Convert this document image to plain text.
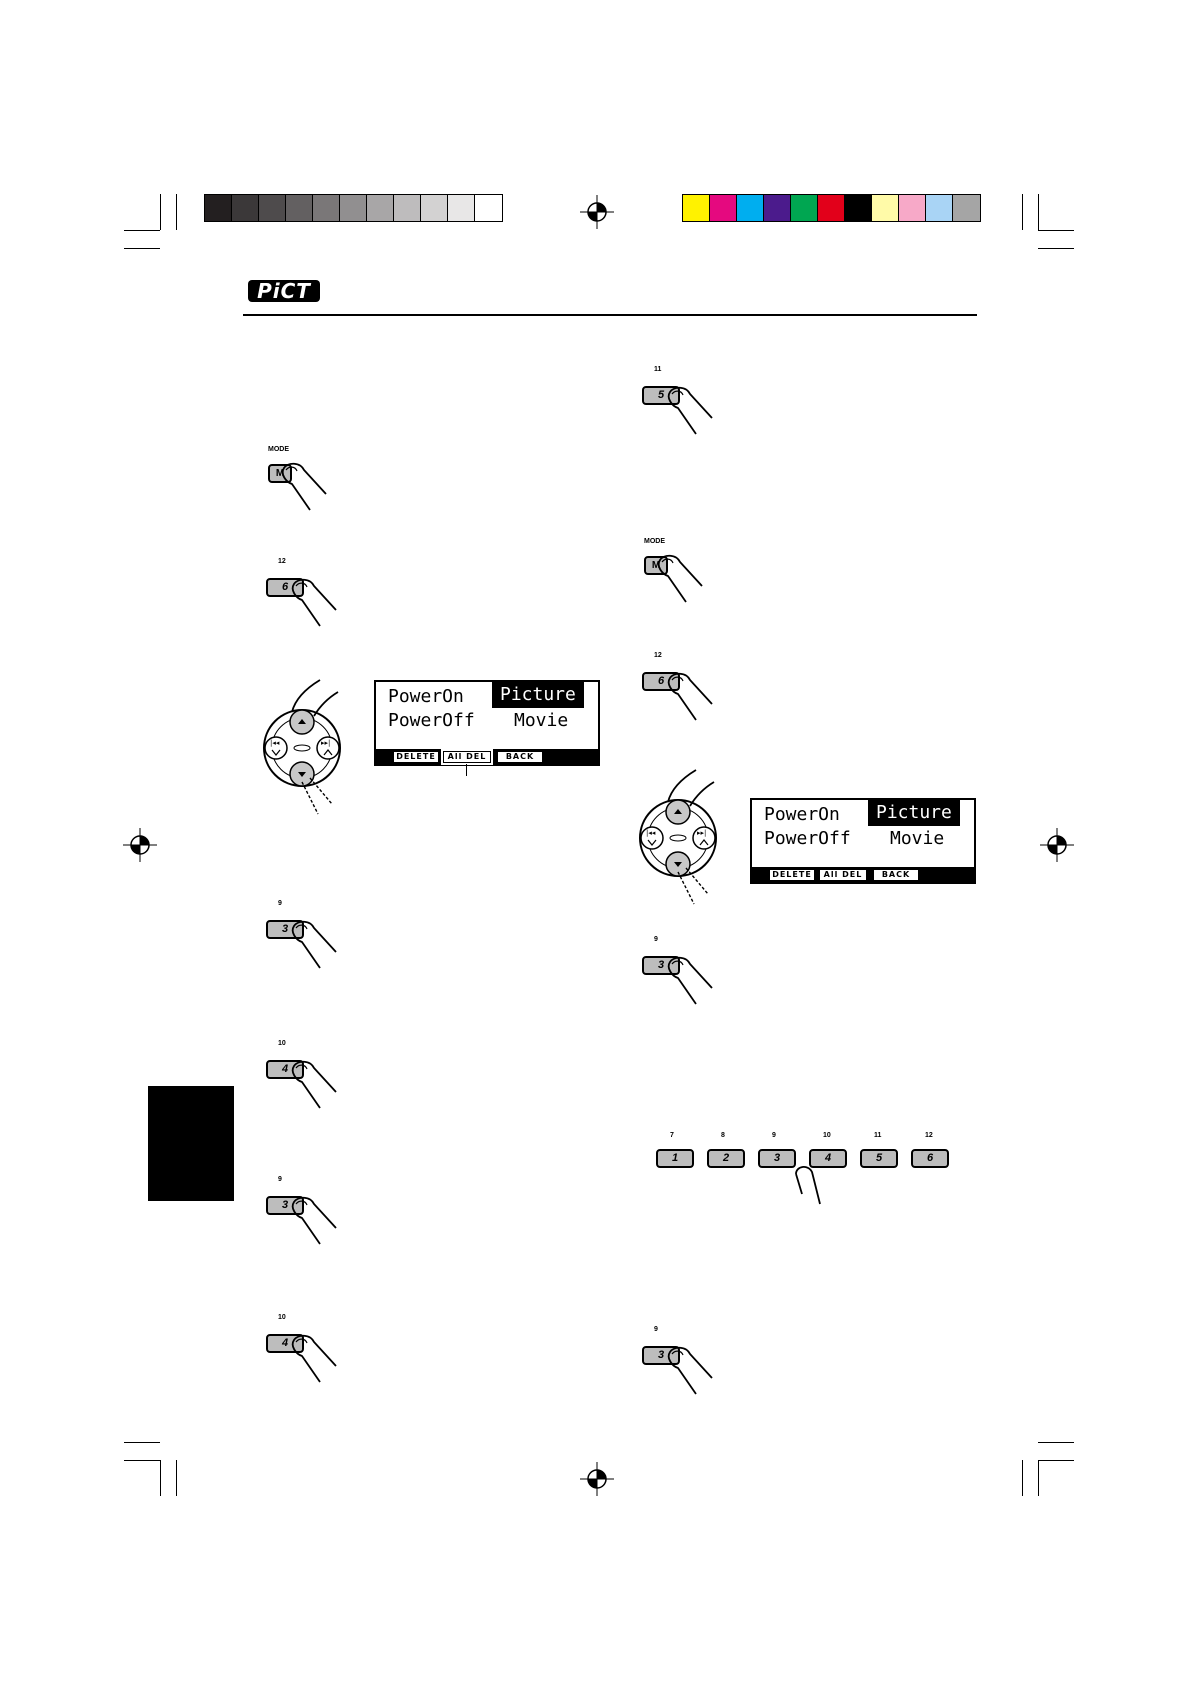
PiCT
MODE
M
12
6
|◂◂	▸▸|
PowerOn	Picture
PowerOff Movie
DELETE	All DEL	BACK
9
3
10
4
9
3
10
4
11
5
MODE
M
12
6
|◂◂	▸▸|
PowerOn	Picture
PowerOff Movie
DELETE	All DEL	BACK
9
3
7
1
8
2
9
3
10
4
11
5
12
6
9
3
